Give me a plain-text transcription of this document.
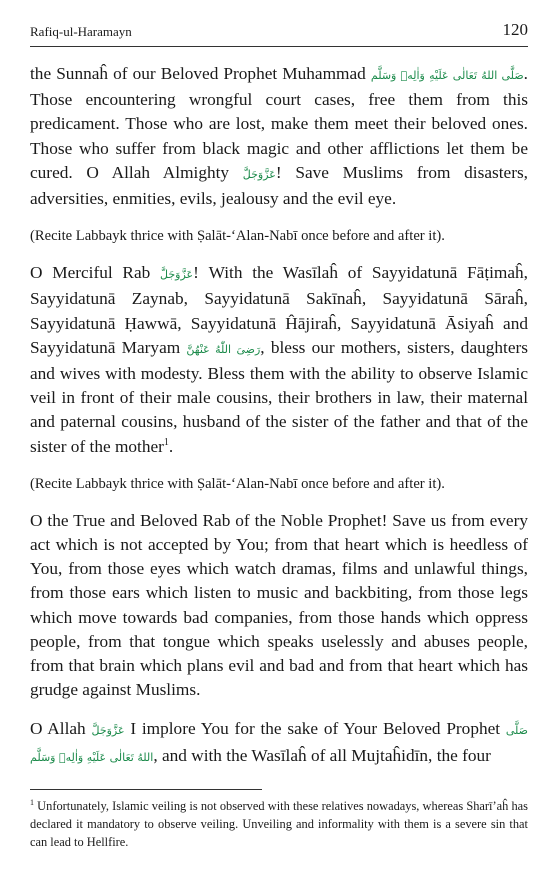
Rafiq-ul-Haramayn	120

the Sunnaĥ of our Beloved Prophet Muhammad صَلَّى اللهُ تَعَالٰى عَلَيْهِ وَاٰلِهٖ وَسَلَّم. Those encountering wrongful court cases, free them from this predicament. Those who are lost, make them meet their beloved ones. Those who suffer from black magic and other afflictions let them be cured. O Allah Almighty عَزَّوَجَلَّ! Save Muslims from disasters, adversities, enmities, evils, jealousy and the evil eye.

(Recite Labbayk thrice with Ṣalāt-‘Alan-Nabī once before and after it).

O Merciful Rab عَزَّوَجَلَّ! With the Wasīlaĥ of Sayyidatunā Fāṭimaĥ, Sayyidatunā Zaynab, Sayyidatunā Sakīnaĥ, Sayyidatunā Sāraĥ, Sayyidatunā Ḥawwā, Sayyidatunā Ĥājiraĥ, Sayyidatunā Āsiyaĥ and Sayyidatunā Maryam رَضِىَ اللّٰهُ عَنْهُنَّ, bless our mothers, sisters, daughters and wives with modesty. Bless them with the ability to observe Islamic veil in front of their male cousins, their brothers in law, their maternal and paternal cousins, husband of the sister of the father and that of the sister of the mother$^1$.

(Recite Labbayk thrice with Ṣalāt-‘Alan-Nabī once before and after it).

O the True and Beloved Rab of the Noble Prophet! Save us from every act which is not accepted by You; from that heart which is heedless of You, from those eyes which watch dramas, films and unlawful things, from those ears which listen to music and backbiting, from those legs which move towards bad companies, from those hands which oppress people, from that tongue which speaks uselessly and abuses people, from that brain which plans evil and bad and from that heart which has grudge against Muslims.

O Allah عَزَّوَجَلَّ I implore You for the sake of Your Beloved Prophet صَلَّى اللهُ تَعَالٰى عَلَيْهِ وَاٰلِهٖ وَسَلَّم, and with the Wasīlaĥ of all Mujtaĥidīn, the four

$^1$ Unfortunately, Islamic veiling is not observed with these relatives nowadays, whereas Sharī’aĥ has declared it mandatory to observe veiling. Unveiling and informality with them is a severe sin that can lead to Hellfire.
